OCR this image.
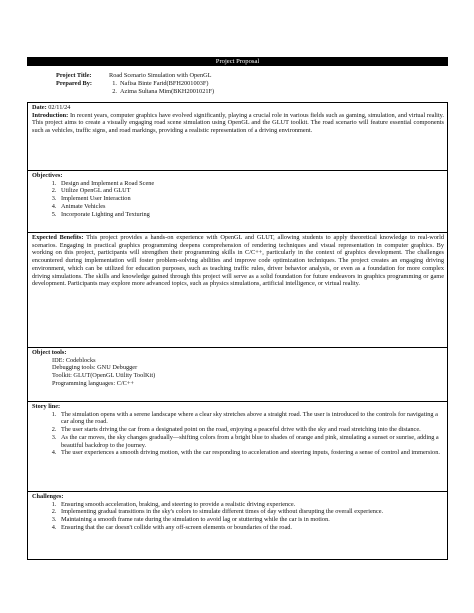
Project Proposal
Project Title:	Road Scenario Simulation with OpenGL
Prepared By:	1. Nafisa Binte Farid(BFH2001003F)
2. Azima Sultana Mim(BKH2001021F)
Date: 02/11/24

Introduction: In recent years, computer graphics have evolved significantly, playing a crucial role in various fields such as gaming, simulation, and virtual reality. This project aims to create a visually engaging road scene simulation using OpenGL and the GLUT toolkit. The road scenario will feature essential components such as vehicles, traffic signs, and road markings, providing a realistic representation of a driving environment.

Objectives:
1. Design and Implement a Road Scene
2. Utilize OpenGL and GLUT
3. Implement User Interaction
4. Animate Vehicles
5. Incorporate Lighting and Texturing

Expected Benefits: This project provides a hands-on experience with OpenGL and GLUT, allowing students to apply theoretical knowledge to real-world scenarios. Engaging in practical graphics programming deepens comprehension of rendering techniques and visual representation in computer graphics. By working on this project, participants will strengthen their programming skills in C/C++, particularly in the context of graphics development. The challenges encountered during implementation will foster problem-solving abilities and improve code optimization techniques. The project creates an engaging driving environment, which can be utilized for education purposes, such as teaching traffic rules, driver behavior analysis, or even as a foundation for more complex driving simulations. The skills and knowledge gained through this project will serve as a solid foundation for future endeavors in graphics programming or game development. Participants may explore more advanced topics, such as physics simulations, artificial intelligence, or virtual reality.

Object tools:
IDE: Codeblocks
Debugging tools: GNU Debugger
Toolkit: GLUT(OpenGL Utility ToolKit)
Programming languages: C/C++
Story line:
1. The simulation opens with a serene landscape where a clear sky stretches above a straight road. The user is introduced to the controls for navigating a car along the road.
2. The user starts driving the car from a designated point on the road, enjoying a peaceful drive with the sky and road stretching into the distance.
3. As the car moves, the sky changes gradually—shifting colors from a bright blue to shades of orange and pink, simulating a sunset or sunrise, adding a beautiful backdrop to the journey.
4. The user experiences a smooth driving motion, with the car responding to acceleration and steering inputs, fostering a sense of control and immersion.
Challenges:
1. Ensuring smooth acceleration, braking, and steering to provide a realistic driving experience.
2. Implementing gradual transitions in the sky's colors to simulate different times of day without disrupting the overall experience.
3. Maintaining a smooth frame rate during the simulation to avoid lag or stuttering while the car is in motion.
4. Ensuring that the car doesn't collide with any off-screen elements or boundaries of the road.
